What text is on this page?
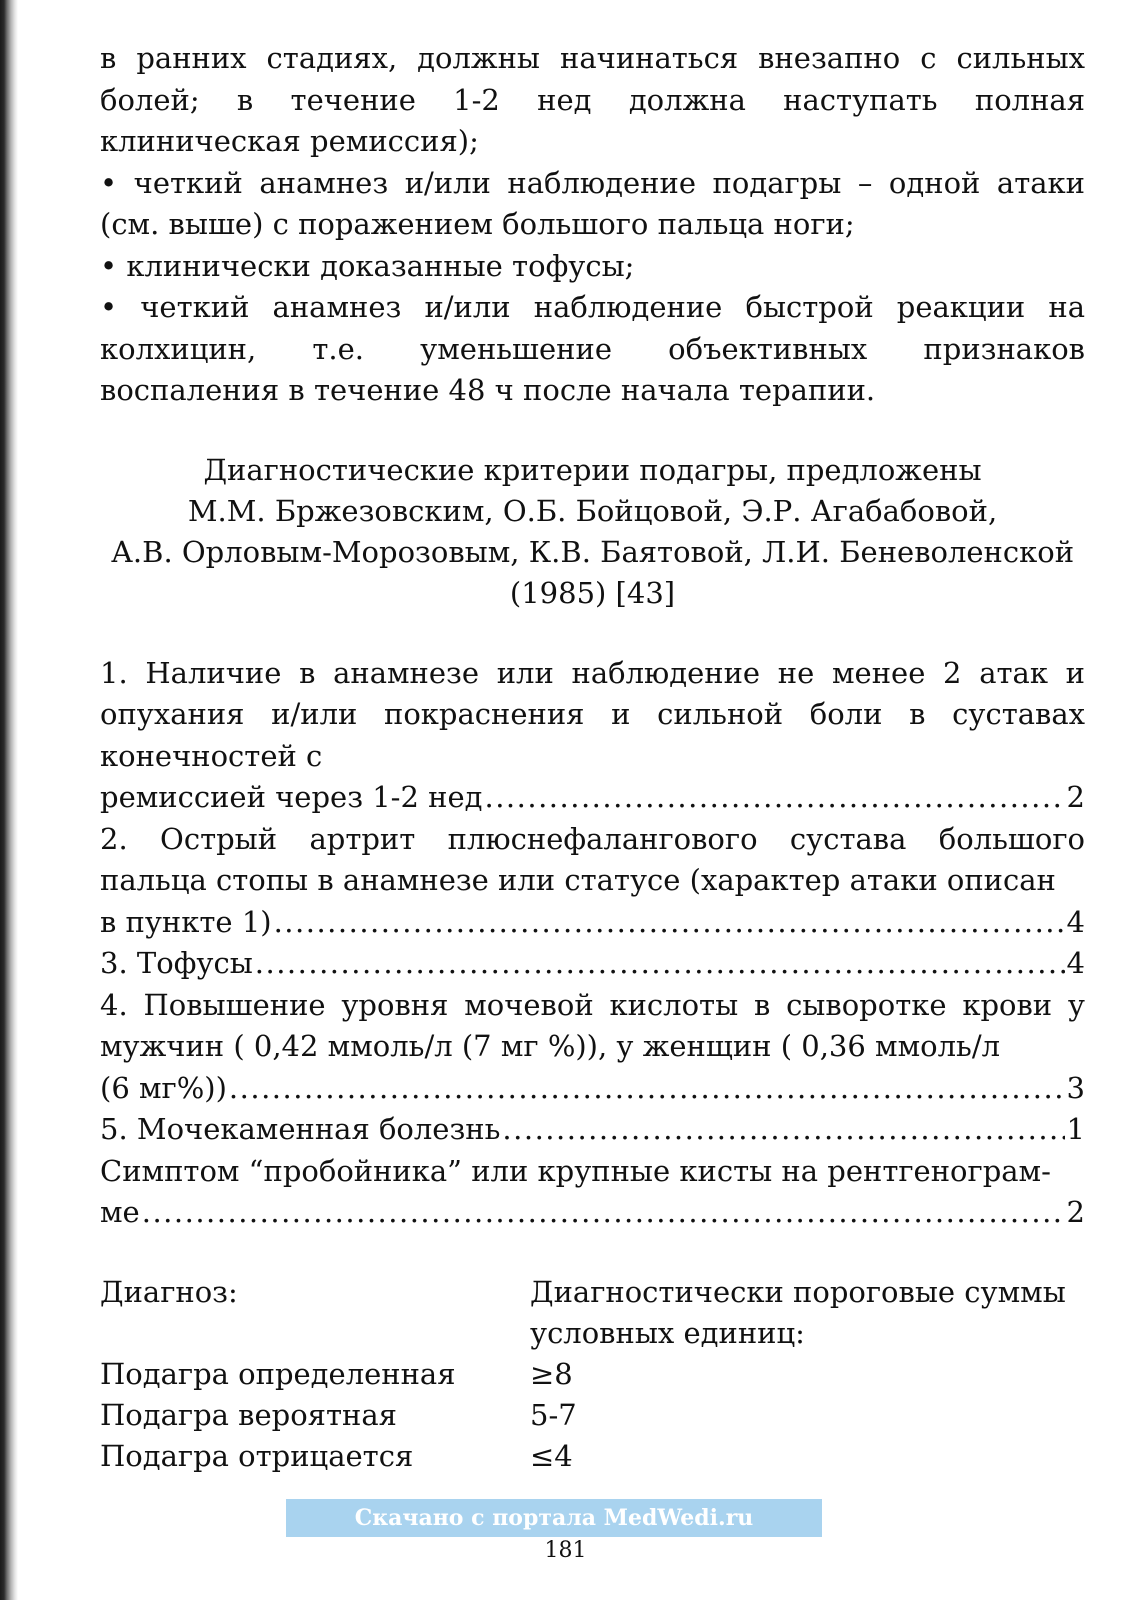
в ранних стадиях, должны начинаться внезапно с сильных болей; в течение 1-2 нед должна наступать полная клиническая ремиссия);

• четкий анамнез и/или наблюдение подагры – одной атаки (см. выше) с поражением большого пальца ноги;

• клинически доказанные тофусы;

• четкий анамнез и/или наблюдение быстрой реакции на колхицин, т.е. уменьшение объективных признаков воспаления в течение 48 ч после начала терапии.

Диагностические критерии подагры, предложены
М.М. Бржезовским, О.Б. Бойцовой, Э.Р. Агабабовой,
А.В. Орловым-Морозовым, К.В. Баятовой, Л.И. Беневоленской
(1985) [43]

1. Наличие в анамнезе или наблюдение не менее 2 атак и опухания и/или покраснения и сильной боли в суставах конечностей с

ремиссией через 1-2 нед .....	2

2. Острый артрит плюснефалангового сустава большого пальца стопы в анамнезе или статусе (характер атаки описан

в пункте 1) .....	4
3. Тофусы .....	4

4. Повышение уровня мочевой кислоты в сыворотке крови у мужчин ( 0,42 ммоль/л (7 мг %)), у женщин ( 0,36 ммоль/л

(6 мг%)) .....	3
5. Мочекаменная болезнь .....	1

Симптом “пробойника” или крупные кисты на рентгенограм-

ме .....	2
Диагноз:	Диагностически пороговые суммы условных единиц:
Подагра определенная	≥8
Подагра вероятная	5-7
Подагра отрицается	≤4
Скачано с портала MedWedi.ru
181
